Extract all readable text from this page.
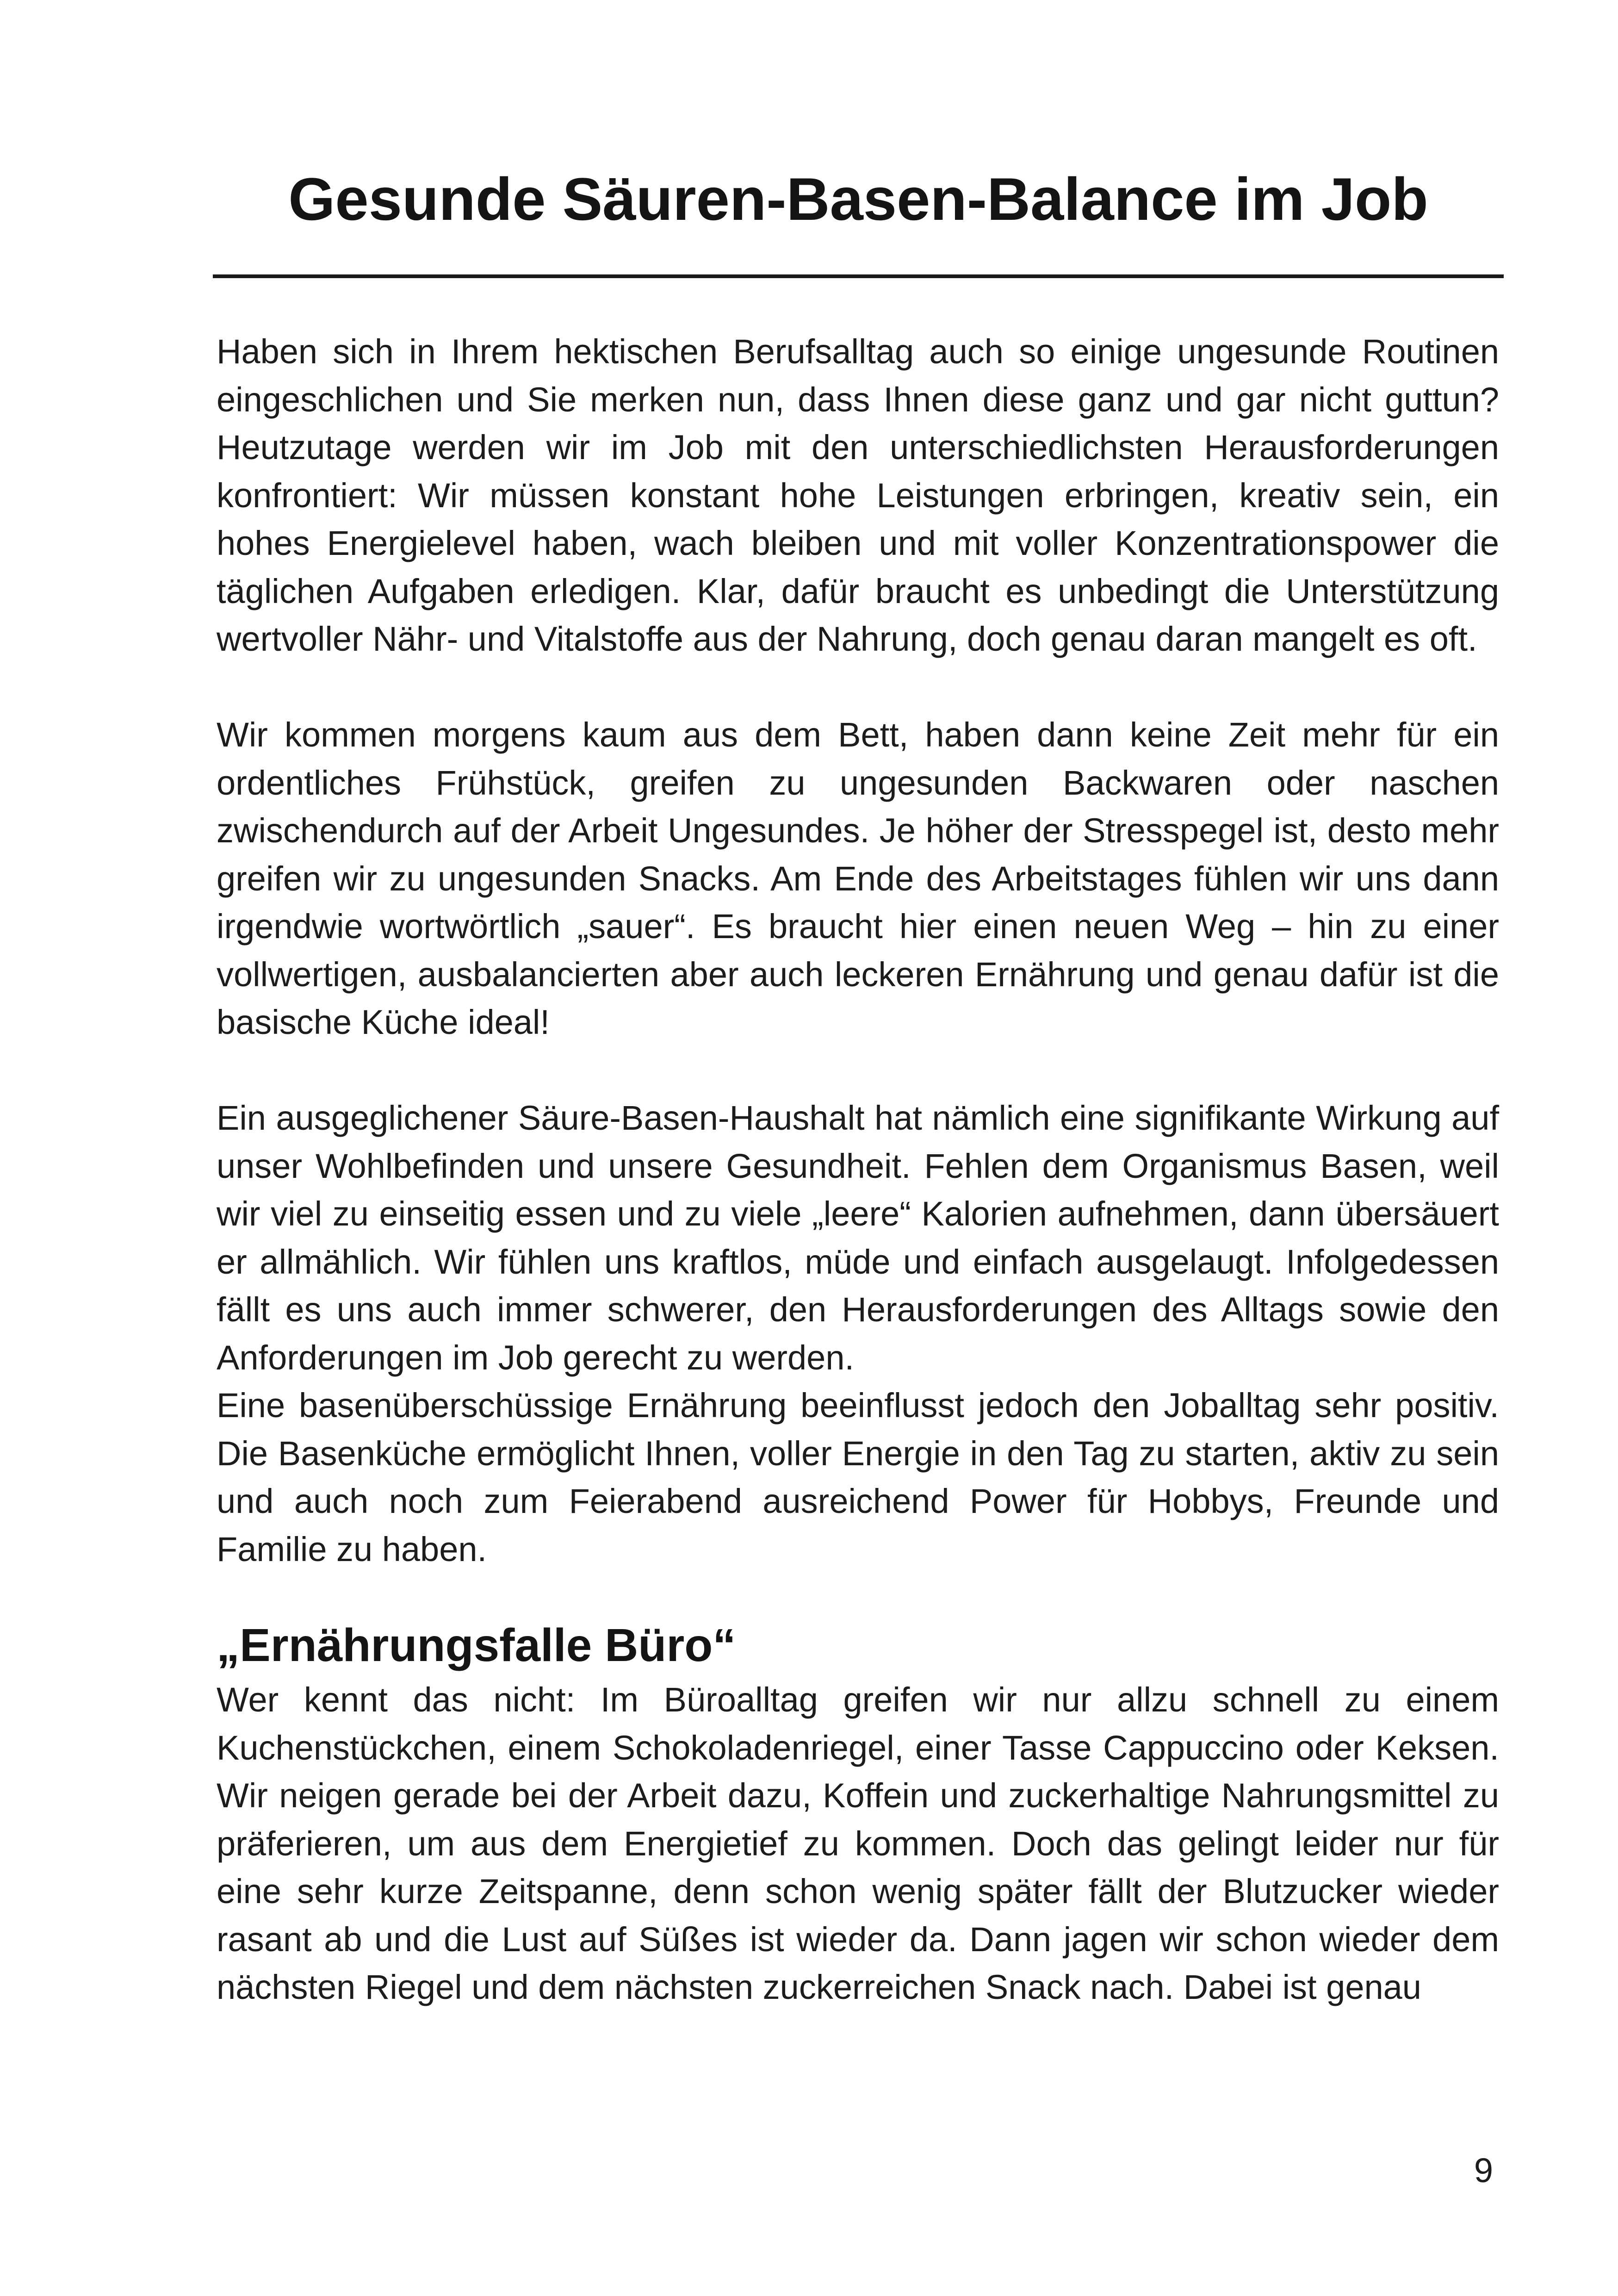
Gesunde Säuren-Basen-Balance im Job

Haben sich in Ihrem hektischen Berufsalltag auch so einige ungesunde Routinen eingeschlichen und Sie merken nun, dass Ihnen diese ganz und gar nicht guttun? Heutzutage werden wir im Job mit den unterschiedlichsten Herausforderungen konfrontiert: Wir müssen konstant hohe Leistungen erbringen, kreativ sein, ein hohes Energielevel haben, wach bleiben und mit voller Konzentrationspower die täglichen Aufgaben erledigen. Klar, dafür braucht es unbedingt die Unterstützung wertvoller Nähr- und Vitalstoffe aus der Nahrung, doch genau daran mangelt es oft.

Wir kommen morgens kaum aus dem Bett, haben dann keine Zeit mehr für ein ordentliches Frühstück, greifen zu ungesunden Backwaren oder naschen zwischendurch auf der Arbeit Ungesundes. Je höher der Stresspegel ist, desto mehr greifen wir zu ungesunden Snacks. Am Ende des Arbeitstages fühlen wir uns dann irgendwie wortwörtlich „sauer“. Es braucht hier einen neuen Weg – hin zu einer vollwertigen, ausbalancierten aber auch leckeren Ernährung und genau dafür ist die basische Küche ideal!

Ein ausgeglichener Säure-Basen-Haushalt hat nämlich eine signifikante Wirkung auf unser Wohlbefinden und unsere Gesundheit. Fehlen dem Organismus Basen, weil wir viel zu einseitig essen und zu viele „leere“ Kalorien aufnehmen, dann übersäuert er allmählich. Wir fühlen uns kraftlos, müde und einfach ausgelaugt. Infolgedessen fällt es uns auch immer schwerer, den Herausforderungen des Alltags sowie den Anforderungen im Job gerecht zu werden.

Eine basenüberschüssige Ernährung beeinflusst jedoch den Joballtag sehr positiv. Die Basenküche ermöglicht Ihnen, voller Energie in den Tag zu starten, aktiv zu sein und auch noch zum Feierabend ausreichend Power für Hobbys, Freunde und Familie zu haben.

„Ernährungsfalle Büro“

Wer kennt das nicht: Im Büroalltag greifen wir nur allzu schnell zu einem Kuchenstückchen, einem Schokoladenriegel, einer Tasse Cappuccino oder Keksen. Wir neigen gerade bei der Arbeit dazu, Koffein und zuckerhaltige Nahrungsmittel zu präferieren, um aus dem Energietief zu kommen. Doch das gelingt leider nur für eine sehr kurze Zeitspanne, denn schon wenig später fällt der Blutzucker wieder rasant ab und die Lust auf Süßes ist wieder da. Dann jagen wir schon wieder dem nächsten Riegel und dem nächsten zuckerreichen Snack nach. Dabei ist genau

9
